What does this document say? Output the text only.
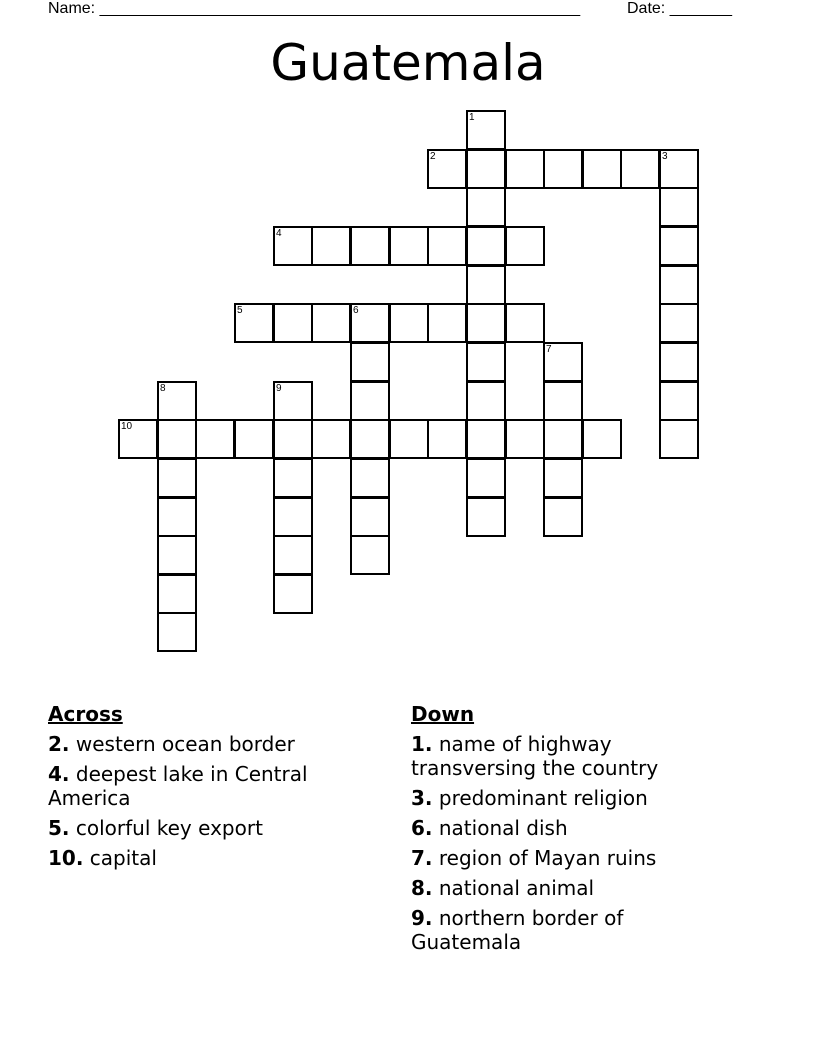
Name: ______________________________________________________	Date: _______
Guatemala
1
2	3
4
5	6
7
8	9
10
Across
2. western ocean border
4. deepest lake in Central America
5. colorful key export
10. capital
Down
1. name of highway transversing the country
3. predominant religion
6. national dish
7. region of Mayan ruins
8. national animal
9. northern border of Guatemala
